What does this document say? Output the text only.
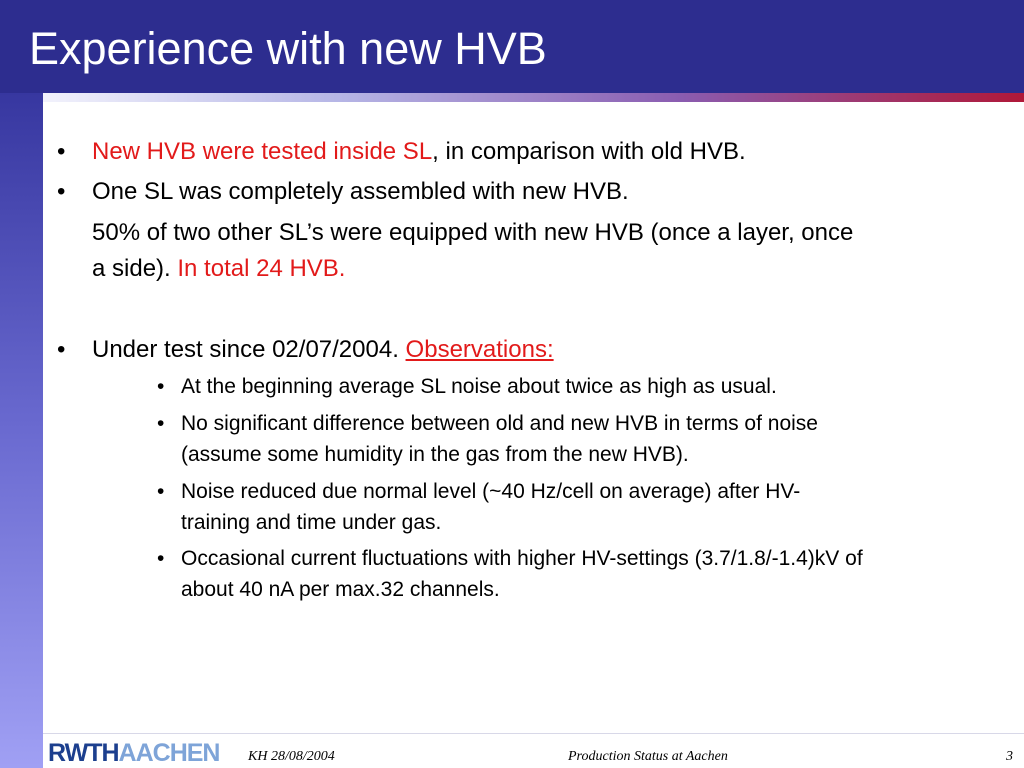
Experience with new HVB
• New HVB were tested inside SL, in comparison with old HVB.
• One SL was completely assembled with new HVB.
50% of two other SL’s were equipped with new HVB (once a layer, once
a side). In total 24 HVB.
• Under test since 02/07/2004. Observations:
• At the beginning average SL noise about twice as high as usual.
• No significant difference between old and new HVB in terms of noise
(assume some humidity in the gas from the new HVB).
• Noise reduced due normal level (~40 Hz/cell on average) after HV-
training and time under gas.
• Occasional current fluctuations with higher HV-settings (3.7/1.8/-1.4)kV of
about 40 nA per max.32 channels.
RWTHAACHEN KH 28/08/2004	Production Status at Aachen	3
